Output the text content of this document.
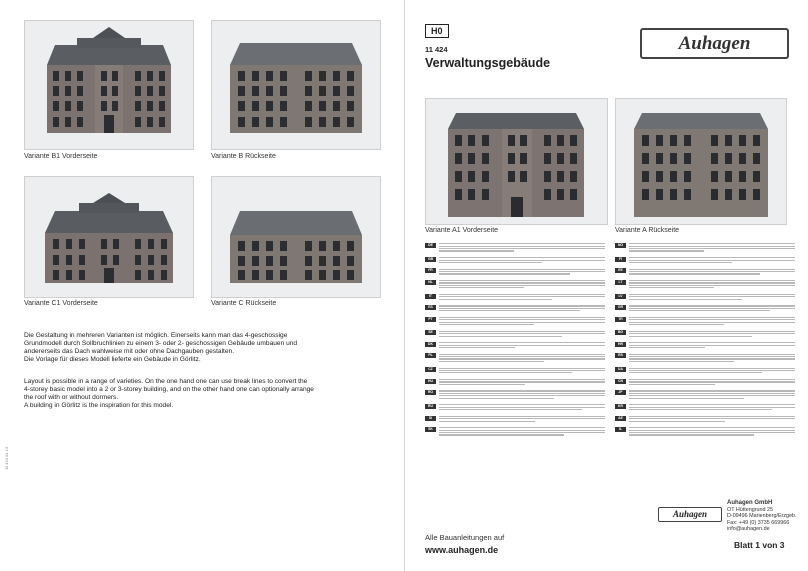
Variante B1 Vorderseite	Variante B Rückseite
Variante C1 Vorderseite	Variante C Rückseite

Die Gestaltung in mehreren Varianten ist möglich. Einerseits kann man das 4-geschossige

Grundmodell durch Sollbruchlinien zu einem 3- oder 2- geschossigen Gebäude umbauen und

andererseits das Dach wahlweise mit oder ohne Dachgauben gestalten.

Die Vorlage für dieses Modell lieferte ein Gebäude in Görlitz.

Layout is possible in a range of varieties. On the one hand one can use break lines to convert the

4-storey basic model into a 2 or 3-storey building, and on the other hand one can optionally arrange

the roof with or without dormers.

A building in Görlitz is the inspiration for this model.

11 424 04 13
H0
11 424
Verwaltungsgebäude
Auhagen
Variante A1 Vorderseite	Variante A Rückseite
DE
GB
FR
NL
IT
ES
PT
SE
DK
PL
CZ
HU
RO
RU
SI
SK
NO
FI
EE
LT
LV
GR
TR
BG
HR
RS
UA
CN
JP
KR
AE
IL
Auhagen
Auhagen GmbH
OT Hüttengrund 25
D-09496 Marienberg/Erzgeb.
Fax: +49 (0) 3735 669966
info@auhagen.de
Alle Bauanleitungen auf
www.auhagen.de	Blatt 1 von 3
